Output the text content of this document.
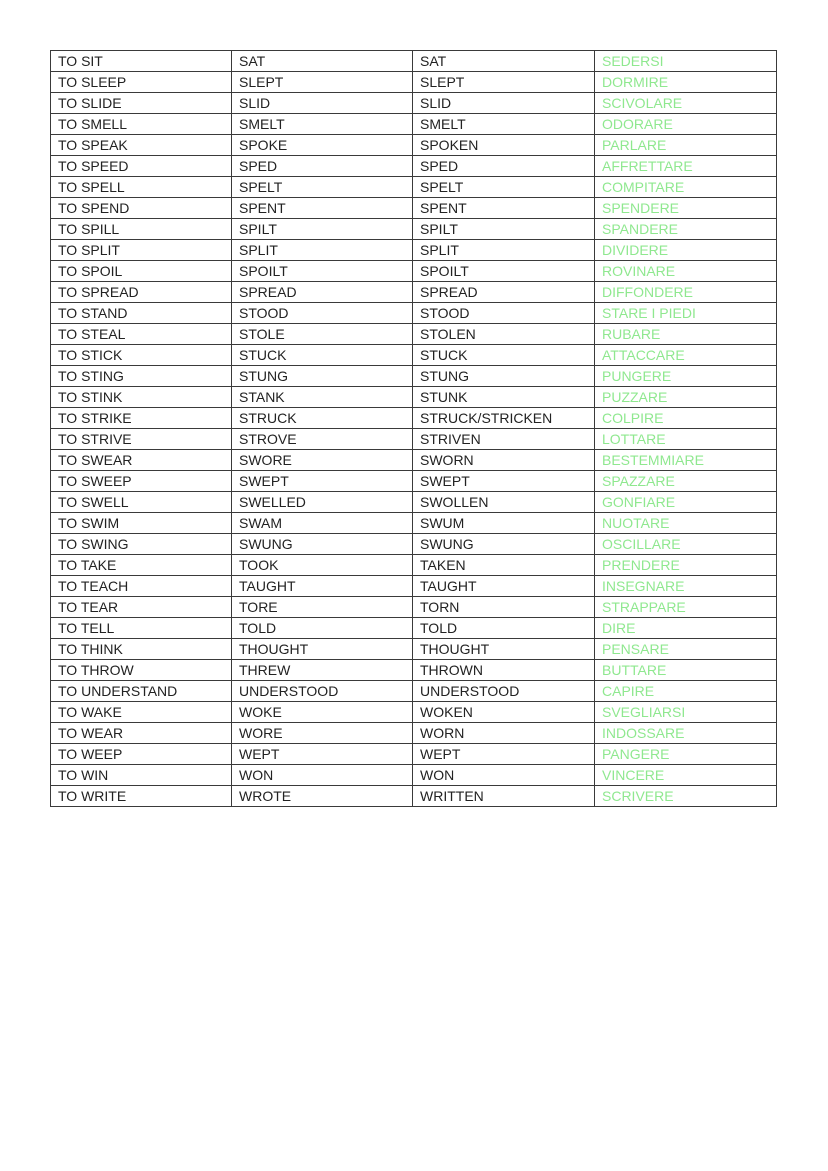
TO SIT	SAT	SAT	SEDERSI
TO SLEEP	SLEPT	SLEPT	DORMIRE
TO SLIDE	SLID	SLID	SCIVOLARE
TO SMELL	SMELT	SMELT	ODORARE
TO SPEAK	SPOKE	SPOKEN	PARLARE
TO SPEED	SPED	SPED	AFFRETTARE
TO SPELL	SPELT	SPELT	COMPITARE
TO SPEND	SPENT	SPENT	SPENDERE
TO SPILL	SPILT	SPILT	SPANDERE
TO SPLIT	SPLIT	SPLIT	DIVIDERE
TO SPOIL	SPOILT	SPOILT	ROVINARE
TO SPREAD	SPREAD	SPREAD	DIFFONDERE
TO STAND	STOOD	STOOD	STARE I PIEDI
TO STEAL	STOLE	STOLEN	RUBARE
TO STICK	STUCK	STUCK	ATTACCARE
TO STING	STUNG	STUNG	PUNGERE
TO STINK	STANK	STUNK	PUZZARE
TO STRIKE	STRUCK	STRUCK/STRICKEN	COLPIRE
TO STRIVE	STROVE	STRIVEN	LOTTARE
TO SWEAR	SWORE	SWORN	BESTEMMIARE
TO SWEEP	SWEPT	SWEPT	SPAZZARE
TO SWELL	SWELLED	SWOLLEN	GONFIARE
TO SWIM	SWAM	SWUM	NUOTARE
TO SWING	SWUNG	SWUNG	OSCILLARE
TO TAKE	TOOK	TAKEN	PRENDERE
TO TEACH	TAUGHT	TAUGHT	INSEGNARE
TO TEAR	TORE	TORN	STRAPPARE
TO TELL	TOLD	TOLD	DIRE
TO THINK	THOUGHT	THOUGHT	PENSARE
TO THROW	THREW	THROWN	BUTTARE
TO UNDERSTAND	UNDERSTOOD	UNDERSTOOD	CAPIRE
TO WAKE	WOKE	WOKEN	SVEGLIARSI
TO WEAR	WORE	WORN	INDOSSARE
TO WEEP	WEPT	WEPT	PANGERE
TO WIN	WON	WON	VINCERE
TO WRITE	WROTE	WRITTEN	SCRIVERE
